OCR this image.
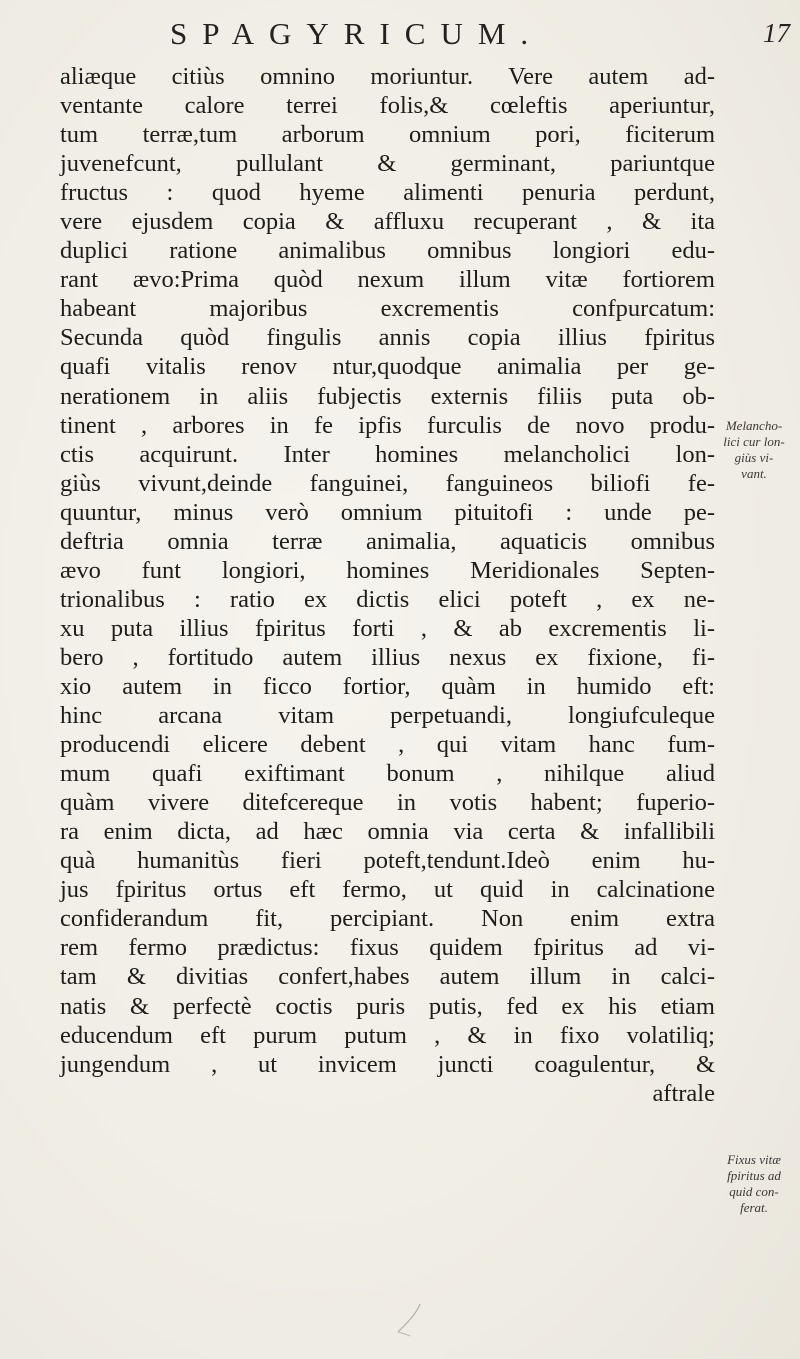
SPAGYRICUM.	17
aliæque citiùs omnino moriuntur. Vere autem ad-
ventante calore terrei folis,& cœleftis aperiuntur,
tum terræ,tum arborum omnium pori, ficiterum
juvenefcunt, pullulant & germinant, pariuntque
fructus : quod hyeme alimenti penuria perdunt,
vere ejusdem copia & affluxu recuperant , & ita
duplici ratione animalibus omnibus longiori edu-
rant ævo:Prima quòd nexum illum vitæ fortiorem
habeant majoribus excrementis confpurcatum:
Secunda quòd fingulis annis copia illius fpiritus
quafi vitalis renov ntur,quodque animalia per ge-
nerationem in aliis fubjectis externis filiis puta ob-
tinent , arbores in fe ipfis furculis de novo produ-
ctis acquirunt. Inter homines melancholici lon-
giùs vivunt,deinde fanguinei, fanguineos biliofi fe-
quuntur, minus verò omnium pituitofi : unde pe-
deftria omnia terræ animalia, aquaticis omnibus
ævo funt longiori, homines Meridionales Septen-
trionalibus : ratio ex dictis elici poteft , ex ne-
xu puta illius fpiritus forti , & ab excrementis li-
bero , fortitudo autem illius nexus ex fixione, fi-
xio autem in ficco fortior, quàm in humido eft:
hinc arcana vitam perpetuandi, longiufculeque
producendi elicere debent , qui vitam hanc fum-
mum quafi exiftimant bonum , nihilque aliud
quàm vivere ditefcereque in votis habent; fuperio-
ra enim dicta, ad hæc omnia via certa & infallibili
quà humanitùs fieri poteft,tendunt.Ideò enim hu-
jus fpiritus ortus eft fermo, ut quid in calcinatione
confiderandum fit, percipiant. Non enim extra
rem fermo prædictus: fixus quidem fpiritus ad vi-
tam & divitias confert,habes autem illum in calci-
natis & perfectè coctis puris putis, fed ex his etiam
educendum eft purum putum , & in fixo volatiliq;
jungendum , ut invicem juncti coagulentur, &
aftrale
Melancho-
lici cur lon-
giùs vi-
vant.
Fixus vitæ
fpiritus ad
quid con-
ferat.
